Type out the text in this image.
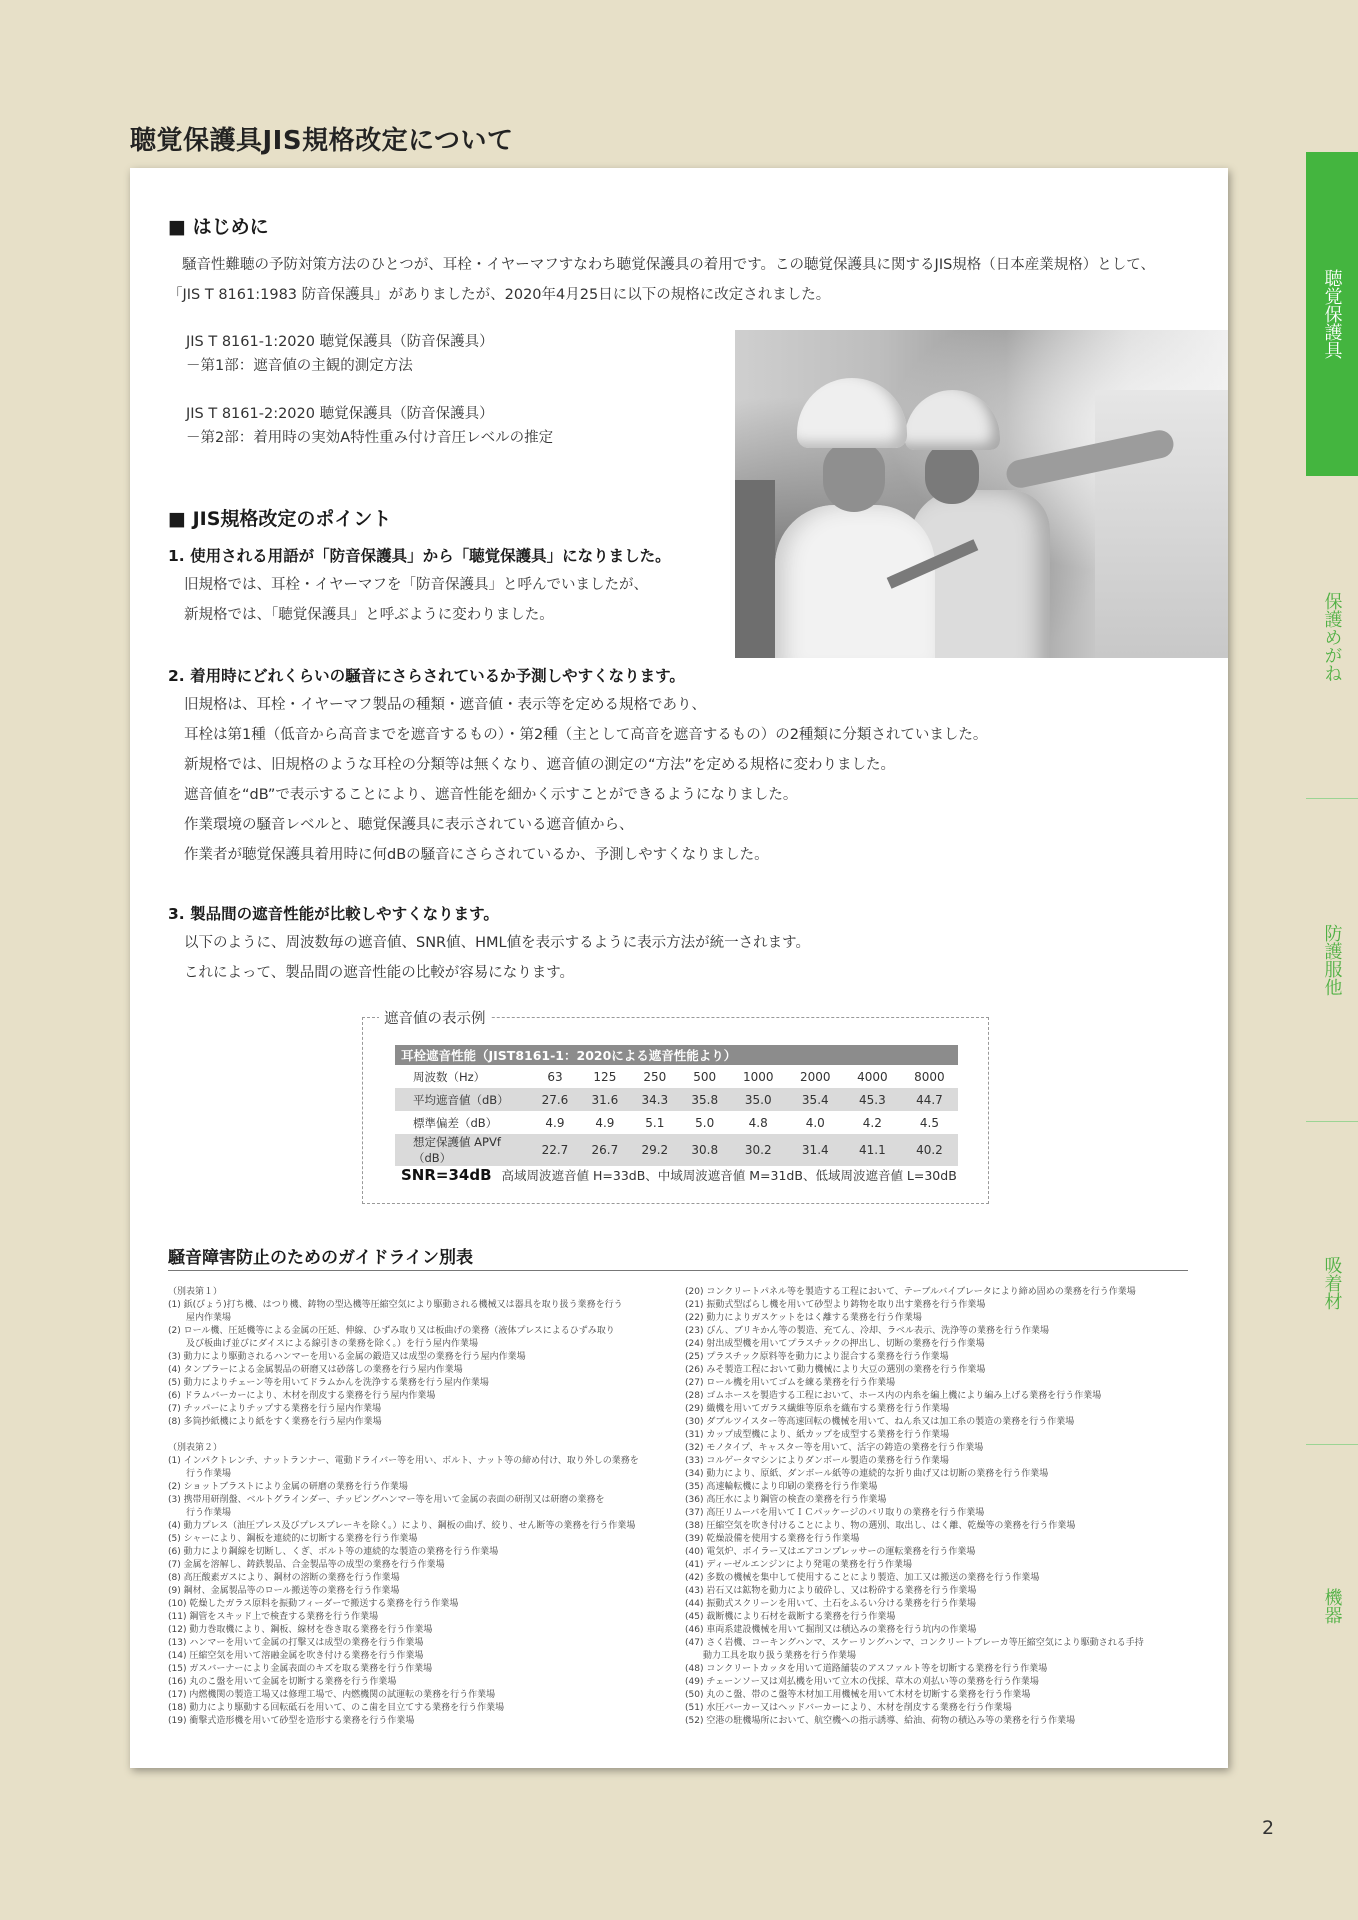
聴覚保護具JIS規格改定について
■ はじめに

騒音性難聴の予防対策方法のひとつが、耳栓・イヤーマフすなわち聴覚保護具の着用です。この聴覚保護具に関するJIS規格（日本産業規格）として、

「JIS T 8161:1983 防音保護具」がありましたが、2020年4月25日に以下の規格に改定されました。

JIS T 8161-1:2020 聴覚保護具（防音保護具）

－第1部：遮音値の主観的測定方法

JIS T 8161-2:2020 聴覚保護具（防音保護具）

－第2部：着用時の実効A特性重み付け音圧レベルの推定

■ JIS規格改定のポイント
1. 使用される用語が「防音保護具」から「聴覚保護具」になりました。

旧規格では、耳栓・イヤーマフを「防音保護具」と呼んでいましたが、

新規格では、「聴覚保護具」と呼ぶように変わりました。

2. 着用時にどれくらいの騒音にさらされているか予測しやすくなります。

旧規格は、耳栓・イヤーマフ製品の種類・遮音値・表示等を定める規格であり、

耳栓は第1種（低音から高音までを遮音するもの）・第2種（主として高音を遮音するもの）の2種類に分類されていました。

新規格では、旧規格のような耳栓の分類等は無くなり、遮音値の測定の“方法”を定める規格に変わりました。

遮音値を“dB”で表示することにより、遮音性能を細かく示すことができるようになりました。

作業環境の騒音レベルと、聴覚保護具に表示されている遮音値から、

作業者が聴覚保護具着用時に何dBの騒音にさらされているか、予測しやすくなりました。

3. 製品間の遮音性能が比較しやすくなります。

以下のように、周波数毎の遮音値、SNR値、HML値を表示するように表示方法が統一されます。

これによって、製品間の遮音性能の比較が容易になります。

遮音値の表示例
耳栓遮音性能（JIST8161-1：2020による遮音性能より）								
周波数（Hz）	63	125	250	500	1000	2000	4000	8000
平均遮音値（dB）	27.6	31.6	34.3	35.8	35.0	35.4	45.3	44.7
標準偏差（dB）	4.9	4.9	5.1	5.0	4.8	4.0	4.2	4.5
想定保護値 APVf（dB）	22.7	26.7	29.2	30.8	30.2	31.4	41.1	40.2
SNR=34dB 高域周波遮音値 H=33dB、中域周波遮音値 M=31dB、低域周波遮音値 L=30dB
騒音障害防止のためのガイドライン別表

（別表第１）

(1) 鋲(びょう)打ち機、はつり機、鋳物の型込機等圧縮空気により駆動される機械又は器具を取り扱う業務を行う

屋内作業場

(2) ロール機、圧延機等による金属の圧延、伸線、ひずみ取り又は板曲げの業務（液体プレスによるひずみ取り

及び板曲げ並びにダイスによる線引きの業務を除く。）を行う屋内作業場

(3) 動力により駆動されるハンマーを用いる金属の鍛造又は成型の業務を行う屋内作業場

(4) タンブラーによる金属製品の研磨又は砂落しの業務を行う屋内作業場

(5) 動力によりチェーン等を用いてドラムかんを洗浄する業務を行う屋内作業場

(6) ドラムバーカーにより、木材を削皮する業務を行う屋内作業場

(7) チッパーによりチップする業務を行う屋内作業場

(8) 多筒抄紙機により紙をすく業務を行う屋内作業場

（別表第２）

(1) インパクトレンチ、ナットランナー、電動ドライバー等を用い、ボルト、ナット等の締め付け、取り外しの業務を

行う作業場

(2) ショットブラストにより金属の研磨の業務を行う作業場

(3) 携帯用研削盤、ベルトグラインダー、チッピングハンマー等を用いて金属の表面の研削又は研磨の業務を

行う作業場

(4) 動力プレス（油圧プレス及びプレスブレーキを除く。）により、鋼板の曲げ、絞り、せん断等の業務を行う作業場

(5) シャーにより、鋼板を連続的に切断する業務を行う作業場

(6) 動力により鋼線を切断し、くぎ、ボルト等の連続的な製造の業務を行う作業場

(7) 金属を溶解し、鋳鉄製品、合金製品等の成型の業務を行う作業場

(8) 高圧酸素ガスにより、鋼材の溶断の業務を行う作業場

(9) 鋼材、金属製品等のロール搬送等の業務を行う作業場

(10) 乾燥したガラス原料を振動フィーダーで搬送する業務を行う作業場

(11) 鋼管をスキッド上で検査する業務を行う作業場

(12) 動力巻取機により、鋼板、線材を巻き取る業務を行う作業場

(13) ハンマーを用いて金属の打撃又は成型の業務を行う作業場

(14) 圧縮空気を用いて溶融金属を吹き付ける業務を行う作業場

(15) ガスバーナーにより金属表面のキズを取る業務を行う作業場

(16) 丸のこ盤を用いて金属を切断する業務を行う作業場

(17) 内燃機関の製造工場又は修理工場で、内燃機関の試運転の業務を行う作業場

(18) 動力により駆動する回転砥石を用いて、のこ歯を目立てする業務を行う作業場

(19) 衝撃式造形機を用いて砂型を造形する業務を行う作業場

(20) コンクリートパネル等を製造する工程において、テーブルバイブレータにより締め固めの業務を行う作業場

(21) 振動式型ばらし機を用いて砂型より鋳物を取り出す業務を行う作業場

(22) 動力によりガスケットをはく離する業務を行う作業場

(23) びん、ブリキかん等の製造、充てん、冷却、ラベル表示、洗浄等の業務を行う作業場

(24) 射出成型機を用いてプラスチックの押出し、切断の業務を行う作業場

(25) プラスチック原料等を動力により混合する業務を行う作業場

(26) みそ製造工程において動力機械により大豆の選別の業務を行う作業場

(27) ロール機を用いてゴムを練る業務を行う作業場

(28) ゴムホースを製造する工程において、ホース内の内糸を編上機により編み上げる業務を行う作業場

(29) 織機を用いてガラス繊維等原糸を織布する業務を行う作業場

(30) ダブルツイスター等高速回転の機械を用いて、ねん糸又は加工糸の製造の業務を行う作業場

(31) カップ成型機により、紙カップを成型する業務を行う作業場

(32) モノタイプ、キャスター等を用いて、活字の鋳造の業務を行う作業場

(33) コルゲータマシンによりダンボール製造の業務を行う作業場

(34) 動力により、原紙、ダンボール紙等の連続的な折り曲げ又は切断の業務を行う作業場

(35) 高速輪転機により印刷の業務を行う作業場

(36) 高圧水により鋼管の検査の業務を行う作業場

(37) 高圧リムーバを用いてＩＣパッケージのバリ取りの業務を行う作業場

(38) 圧縮空気を吹き付けることにより、物の選別、取出し、はく離、乾燥等の業務を行う作業場

(39) 乾燥設備を使用する業務を行う作業場

(40) 電気炉、ボイラー又はエアコンプレッサーの運転業務を行う作業場

(41) ディーゼルエンジンにより発電の業務を行う作業場

(42) 多数の機械を集中して使用することにより製造、加工又は搬送の業務を行う作業場

(43) 岩石又は鉱物を動力により破砕し、又は粉砕する業務を行う作業場

(44) 振動式スクリーンを用いて、土石をふるい分ける業務を行う作業場

(45) 裁断機により石材を裁断する業務を行う作業場

(46) 車両系建設機械を用いて掘削又は積込みの業務を行う坑内の作業場

(47) さく岩機、コーキングハンマ、スケーリングハンマ、コンクリートブレーカ等圧縮空気により駆動される手持

動力工具を取り扱う業務を行う作業場

(48) コンクリートカッタを用いて道路舗装のアスファルト等を切断する業務を行う作業場

(49) チェーンソー又は刈払機を用いて立木の伐採、草木の刈払い等の業務を行う作業場

(50) 丸のこ盤、帯のこ盤等木材加工用機械を用いて木材を切断する業務を行う作業場

(51) 水圧バーカー又はヘッドバーカーにより、木材を削皮する業務を行う作業場

(52) 空港の駐機場所において、航空機への指示誘導、給油、荷物の積込み等の業務を行う作業場

聴覚保護具
保護めがね
防護服他
吸着材
機器
2
